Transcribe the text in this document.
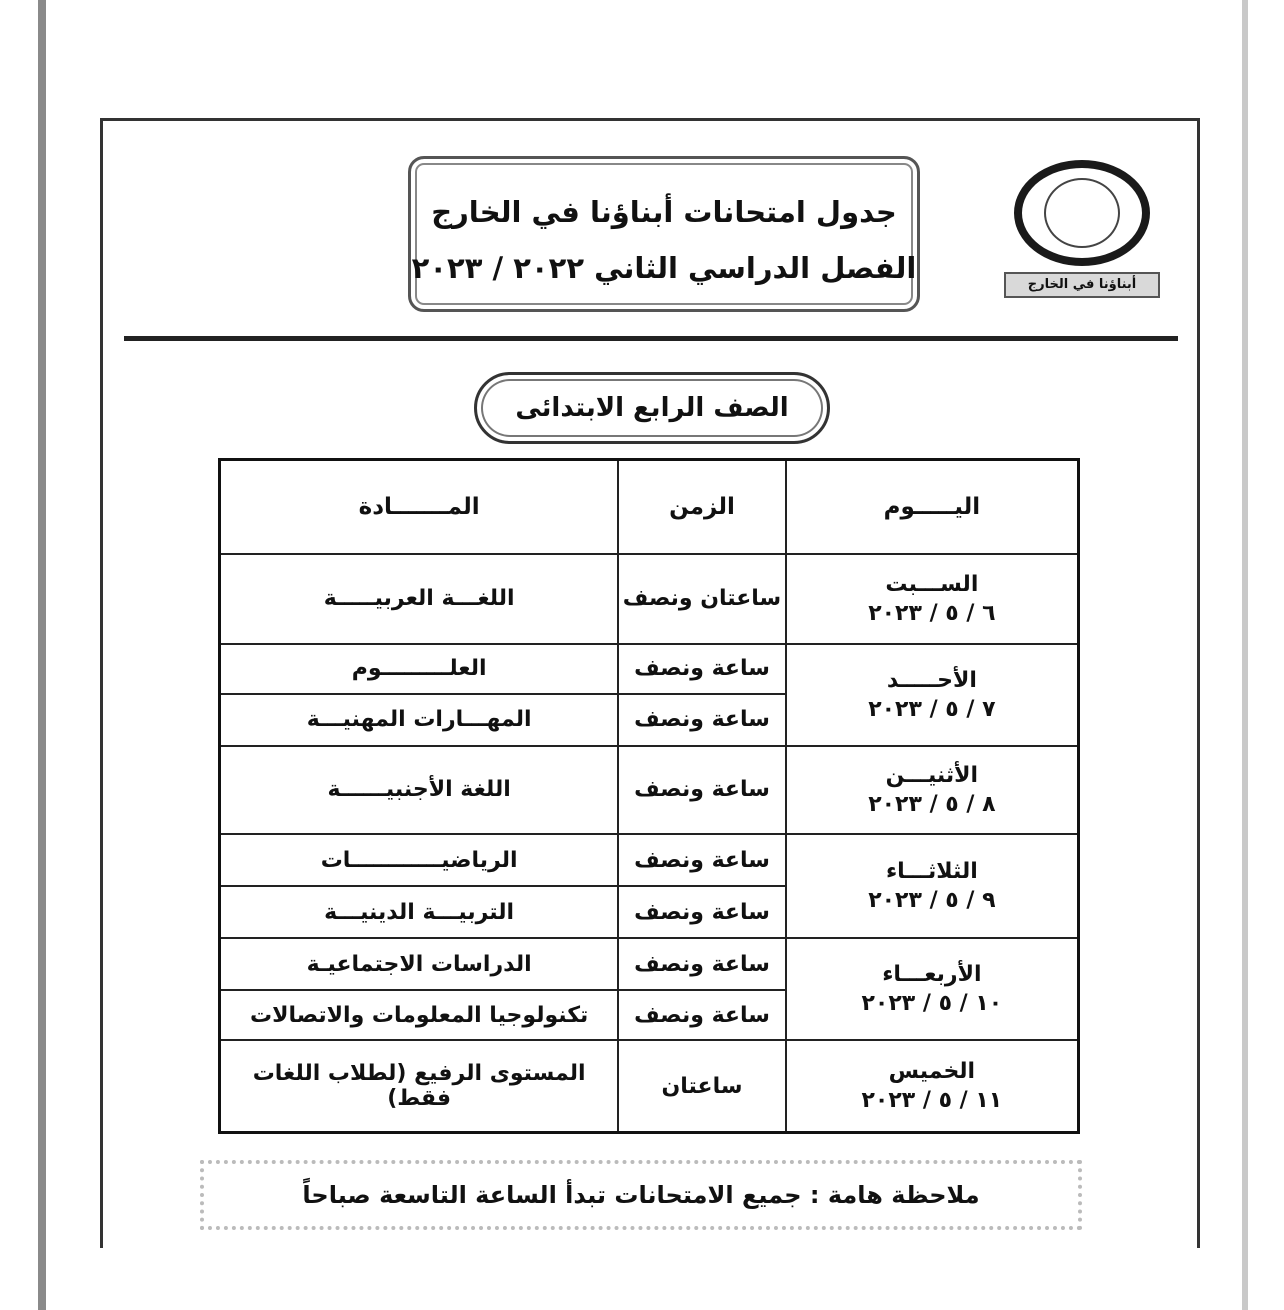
أبناؤنا في الخارج
جدول امتحانات أبناؤنا في الخارج
الفصل الدراسي الثاني ٢٠٢٢ / ٢٠٢٣
الصف الرابع الابتدائى
اليـــــوم	الزمن	المـــــــادة

الســـبت
٦ / ٥ / ٢٠٢٣	ساعتان ونصف	اللغـــة العربيـــــة

الأحـــــد
٧ / ٥ / ٢٠٢٣	ساعة ونصف	العلـــــــــوم
	ساعة ونصف	المهـــارات المهنيـــة

الأثنيـــن
٨ / ٥ / ٢٠٢٣	ساعة ونصف	اللغة الأجنبيــــــة

الثلاثـــاء
٩ / ٥ / ٢٠٢٣	ساعة ونصف	الرياضيــــــــــــات
	ساعة ونصف	التربيـــة الدينيـــة

الأربعـــاء
١٠ / ٥ / ٢٠٢٣	ساعة ونصف	الدراسات الاجتماعيـة
	ساعة ونصف	تكنولوجيا المعلومات والاتصالات

الخميس
١١ / ٥ / ٢٠٢٣	ساعتان	المستوى الرفيع (لطلاب اللغات فقط)
ملاحظة هامة : جميع الامتحانات تبدأ الساعة التاسعة صباحاً
